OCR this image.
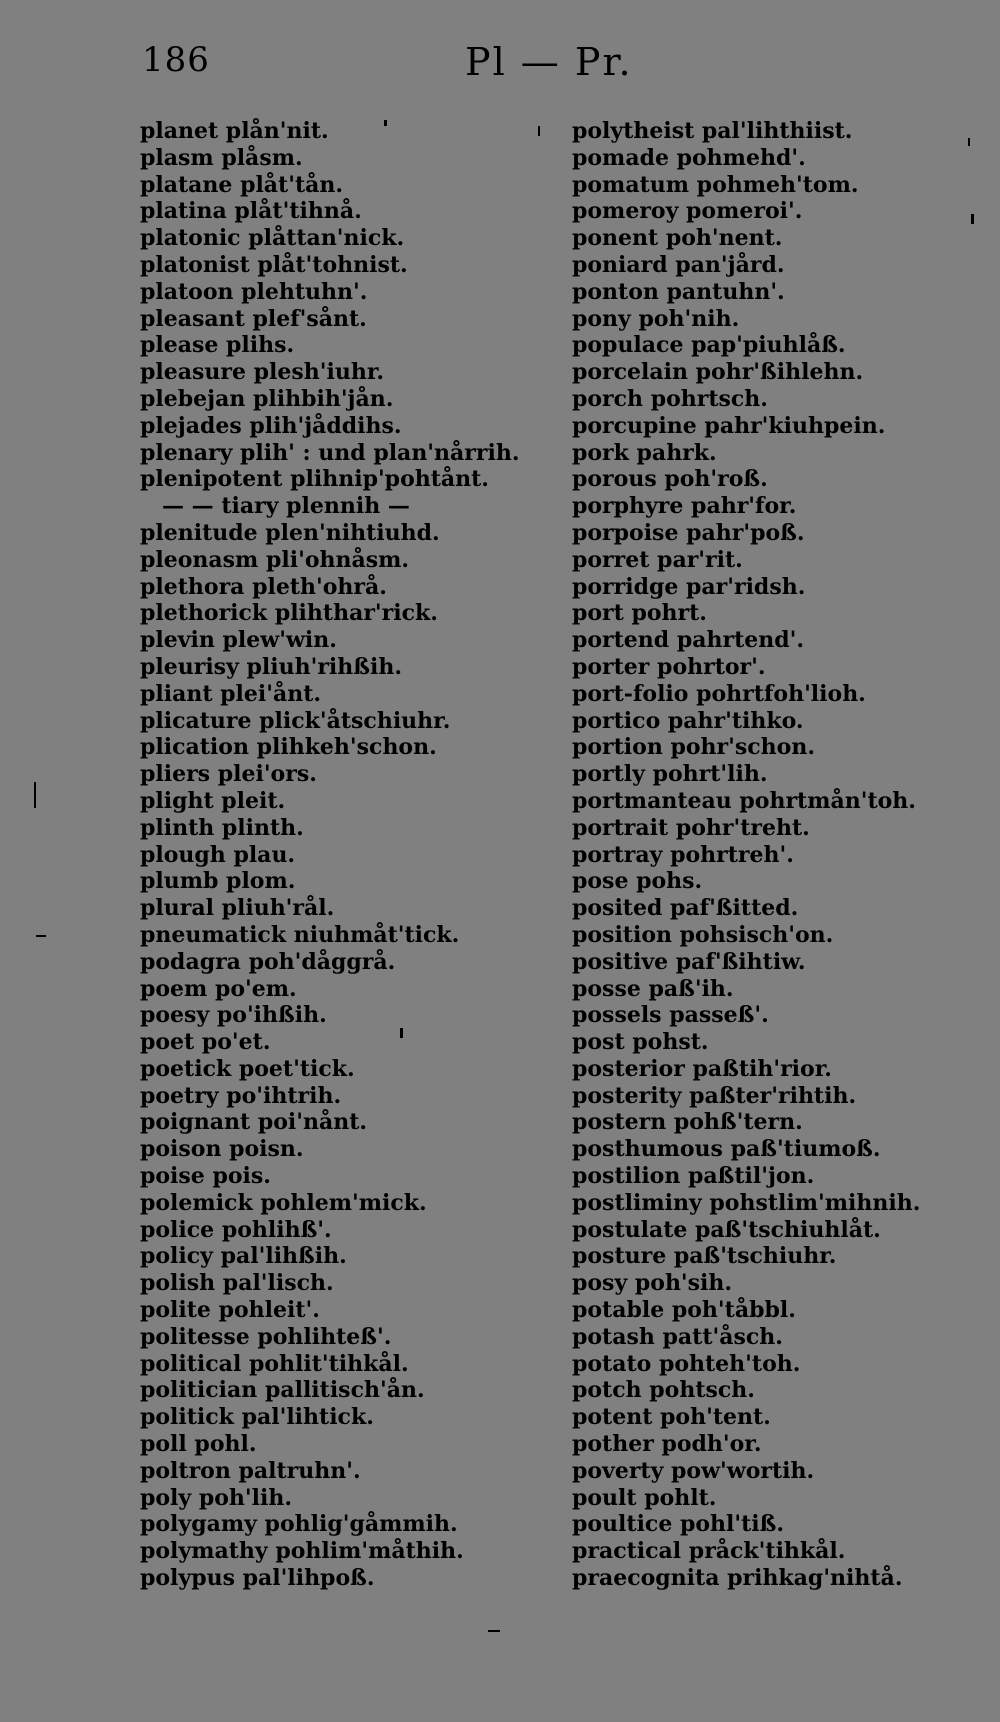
186	Pl — Pr.
planet plån'nit.
plasm plåsm.
platane plåt'tån.
platina plåt'tihnå.
platonic plåttan'nick.
platonist plåt'tohnist.
platoon plehtuhn'.
pleasant plef'sånt.
please plihs.
pleasure plesh'iuhr.
plebejan plihbih'jån.
plejades plih'jåddihs.
plenary plih' : und plan'nårrih.
plenipotent plihnip'pohtånt.
— — tiary plennih —
plenitude plen'nihtiuhd.
pleonasm pli'ohnåsm.
plethora pleth'ohrå.
plethorick plihthar'rick.
plevin plew'win.
pleurisy pliuh'rihßih.
pliant plei'ånt.
plicature plick'åtschiuhr.
plication plihkeh'schon.
pliers plei'ors.
plight pleit.
plinth plinth.
plough plau.
plumb plom.
plural pliuh'rål.
pneumatick niuhmåt'tick.
podagra poh'dåggrå.
poem po'em.
poesy po'ihßih.
poet po'et.
poetick poet'tick.
poetry po'ihtrih.
poignant poi'nånt.
poison poisn.
poise pois.
polemick pohlem'mick.
police pohlihß'.
policy pal'lihßih.
polish pal'lisch.
polite pohleit'.
politesse pohlihteß'.
political pohlit'tihkål.
politician pallitisch'ån.
politick pal'lihtick.
poll pohl.
poltron paltruhn'.
poly poh'lih.
polygamy pohlig'gåmmih.
polymathy pohlim'måthih.
polypus pal'lihpoß.
polytheist pal'lihthiist.
pomade pohmehd'.
pomatum pohmeh'tom.
pomeroy pomeroi'.
ponent poh'nent.
poniard pan'jård.
ponton pantuhn'.
pony poh'nih.
populace pap'piuhlåß.
porcelain pohr'ßihlehn.
porch pohrtsch.
porcupine pahr'kiuhpein.
pork pahrk.
porous poh'roß.
porphyre pahr'for.
porpoise pahr'poß.
porret par'rit.
porridge par'ridsh.
port pohrt.
portend pahrtend'.
porter pohrtor'.
port-folio pohrtfoh'lioh.
portico pahr'tihko.
portion pohr'schon.
portly pohrt'lih.
portmanteau pohrtmån'toh.
portrait pohr'treht.
portray pohrtreh'.
pose pohs.
posited paf'ßitted.
position pohsisch'on.
positive paf'ßihtiw.
posse paß'ih.
possels passeß'.
post pohst.
posterior paßtih'rior.
posterity paßter'rihtih.
postern pohß'tern.
posthumous paß'tiumoß.
postilion paßtil'jon.
postliminy pohstlim'mihnih.
postulate paß'tschiuhlåt.
posture paß'tschiuhr.
posy poh'sih.
potable poh'tåbbl.
potash patt'åsch.
potato pohteh'toh.
potch pohtsch.
potent poh'tent.
pother podh'or.
poverty pow'wortih.
poult pohlt.
poultice pohl'tiß.
practical pråck'tihkål.
praecognita prihkag'nihtå.
